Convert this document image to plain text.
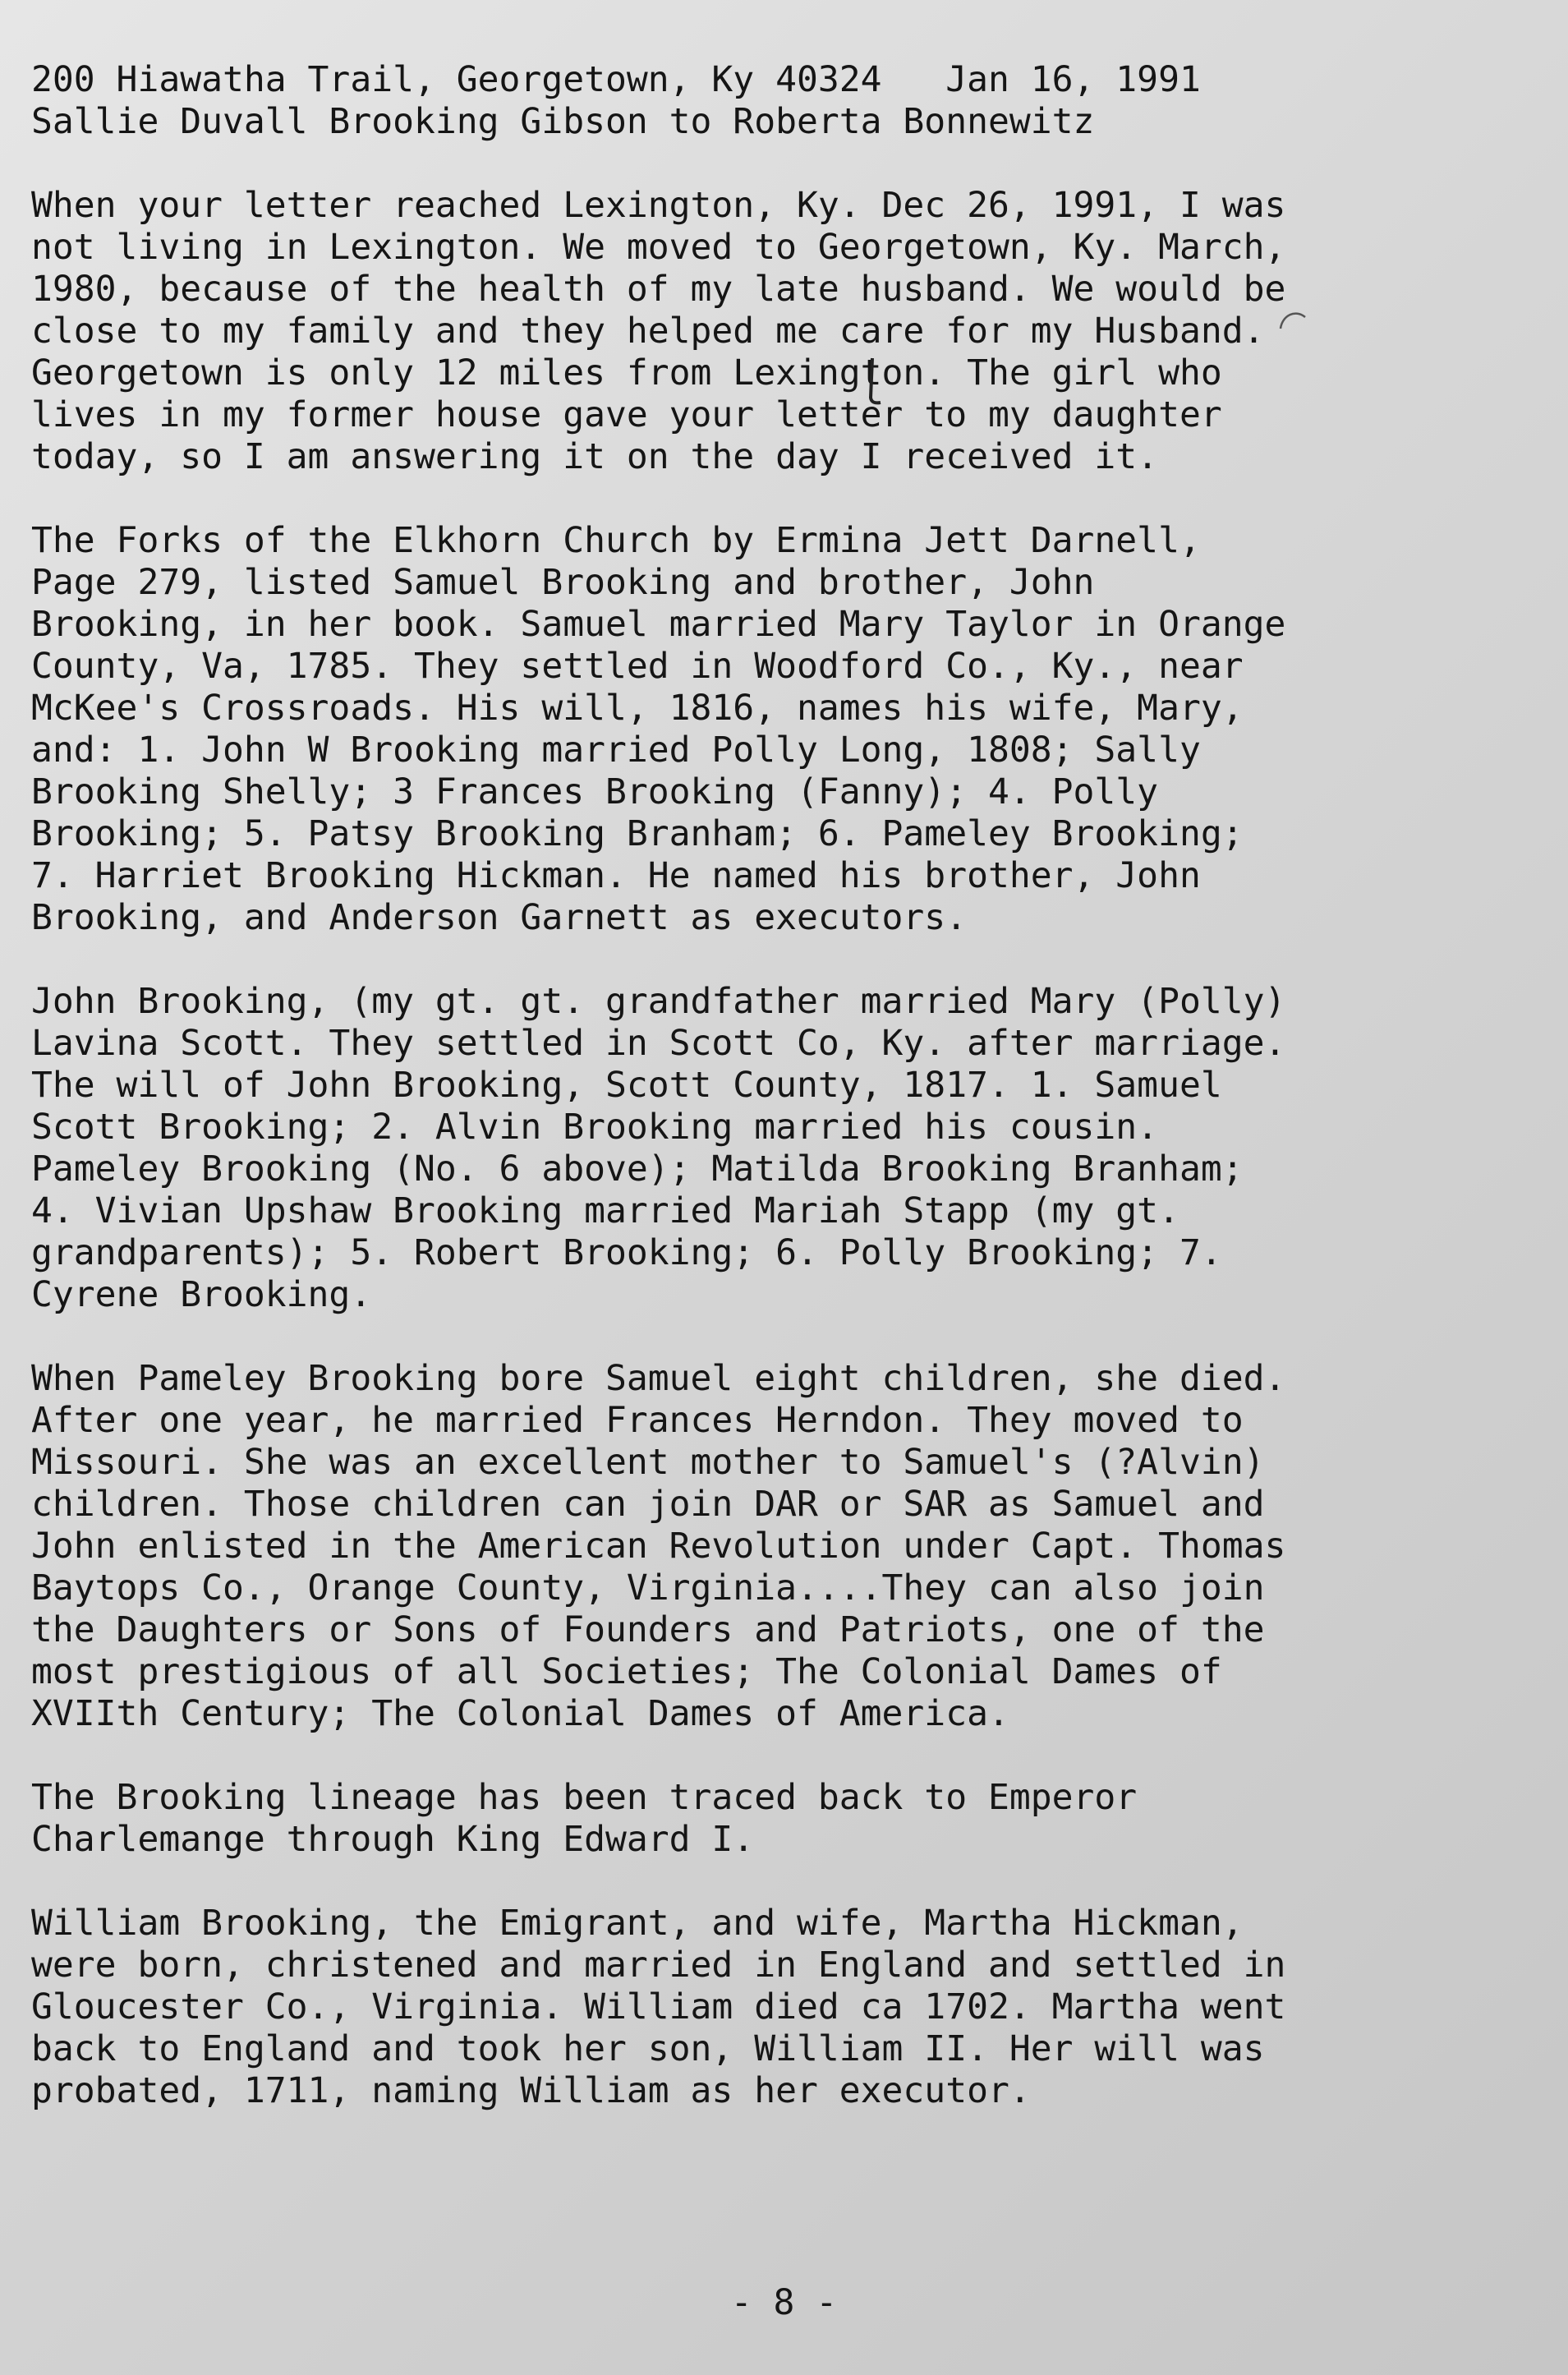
200 Hiawatha Trail, Georgetown, Ky 40324   Jan 16, 1991
Sallie Duvall Brooking Gibson to Roberta Bonnewitz
When your letter reached Lexington, Ky. Dec 26, 1991, I was
not living in Lexington. We moved to Georgetown, Ky. March,
1980, because of the health of my late husband. We would be
close to my family and they helped me care for my Husband.
Georgetown is only 12 miles from Lexington. The girl who
lives in my former house gave your letter to my daughter
today, so I am answering it on the day I received it.
The Forks of the Elkhorn Church by Ermina Jett Darnell,
Page 279, listed Samuel Brooking and brother, John
Brooking, in her book. Samuel married Mary Taylor in Orange
County, Va, 1785. They settled in Woodford Co., Ky., near
McKee's Crossroads. His will, 1816, names his wife, Mary,
and: 1. John W Brooking married Polly Long, 1808; Sally
Brooking Shelly; 3 Frances Brooking (Fanny); 4. Polly
Brooking; 5. Patsy Brooking Branham; 6. Pameley Brooking;
7. Harriet Brooking Hickman. He named his brother, John
Brooking, and Anderson Garnett as executors.
John Brooking, (my gt. gt. grandfather married Mary (Polly)
Lavina Scott. They settled in Scott Co, Ky. after marriage.
The will of John Brooking, Scott County, 1817. 1. Samuel
Scott Brooking; 2. Alvin Brooking married his cousin.
Pameley Brooking (No. 6 above); Matilda Brooking Branham;
4. Vivian Upshaw Brooking married Mariah Stapp (my gt.
grandparents); 5. Robert Brooking; 6. Polly Brooking; 7.
Cyrene Brooking.
When Pameley Brooking bore Samuel eight children, she died.
After one year, he married Frances Herndon. They moved to
Missouri. She was an excellent mother to Samuel's (?Alvin)
children. Those children can join DAR or SAR as Samuel and
John enlisted in the American Revolution under Capt. Thomas
Baytops Co., Orange County, Virginia....They can also join
the Daughters or Sons of Founders and Patriots, one of the
most prestigious of all Societies; The Colonial Dames of
XVIIth Century; The Colonial Dames of America.
The Brooking lineage has been traced back to Emperor
Charlemange through King Edward I.
William Brooking, the Emigrant, and wife, Martha Hickman,
were born, christened and married in England and settled in
Gloucester Co., Virginia. William died ca 1702. Martha went
back to England and took her son, William II. Her will was
probated, 1711, naming William as her executor.
- 8 -
